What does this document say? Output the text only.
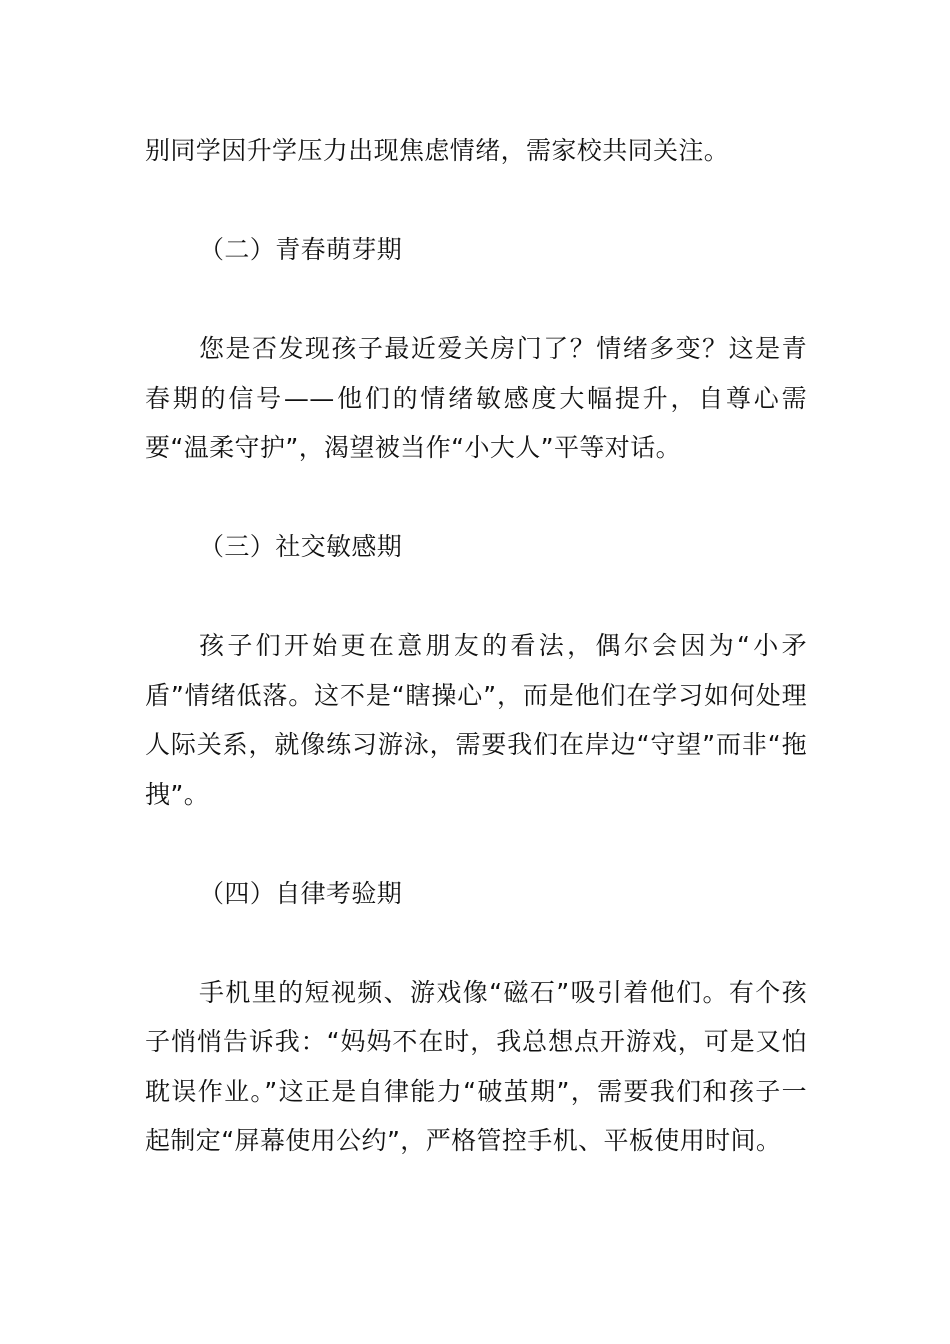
别同学因升学压力出现焦虑情绪，需家校共同关注。

（二）青春萌芽期

您是否发现孩子最近爱关房门了？情绪多变？这是青春期的信号——他们的情绪敏感度大幅提升，自尊心需要“温柔守护”，渴望被当作“小大人”平等对话。

（三）社交敏感期

孩子们开始更在意朋友的看法，偶尔会因为“小矛盾”情绪低落。这不是“瞎操心”，而是他们在学习如何处理人际关系，就像练习游泳，需要我们在岸边“守望”而非“拖拽”。

（四）自律考验期

手机里的短视频、游戏像“磁石”吸引着他们。有个孩子悄悄告诉我：“妈妈不在时，我总想点开游戏，可是又怕耽误作业。”这正是自律能力“破茧期”，需要我们和孩子一起制定“屏幕使用公约”，严格管控手机、平板使用时间。
